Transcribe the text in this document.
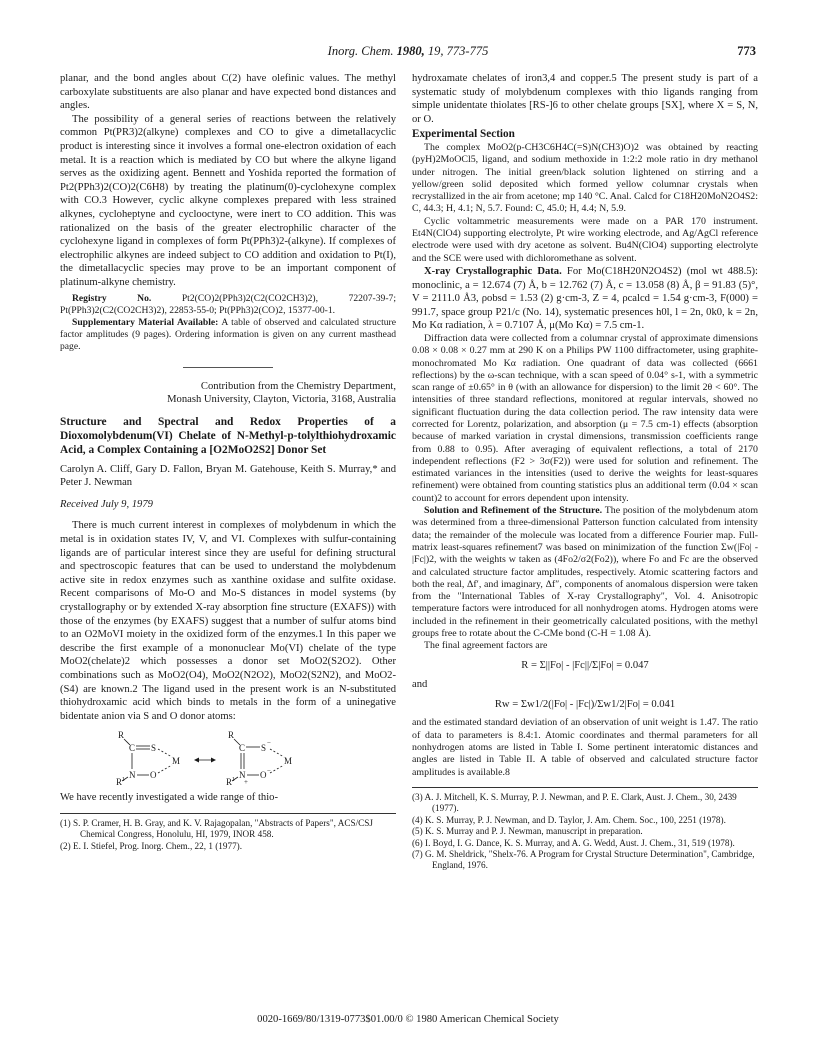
Inorg. Chem. 1980, 19, 773-775	773

planar, and the bond angles about C(2) have olefinic values. The methyl carboxylate substituents are also planar and have expected bond distances and angles.

The possibility of a general series of reactions between the relatively common Pt(PR3)2(alkyne) complexes and CO to give a dimetallacyclic product is interesting since it involves a formal one-electron oxidation of each metal. It is a reaction which is mediated by CO but where the alkyne ligand serves as the oxidizing agent. Bennett and Yoshida reported the formation of Pt2(PPh3)2(CO)2(C6H8) by treating the platinum(0)-cyclohexyne complex with CO.3 However, cyclic alkyne complexes prepared with less strained alkynes, cycloheptyne and cyclooctyne, were inert to CO addition. This was rationalized on the basis of the greater electrophilic character of the cyclohexyne ligand in complexes of form Pt(PPh3)2-(alkyne). If complexes of electrophilic alkynes are indeed subject to CO addition and oxidation to Pt(I), the dimetallacyclic species may prove to be an important component of platinum-alkyne chemistry.

Registry No.	Pt2(CO)2(PPh3)2(C2(CO2CH3)2), 72207-39-7; Pt(PPh3)2(C2(CO2CH3)2), 22853-55-0; Pt(PPh3)2(CO)2, 15377-00-1.

Supplementary Material Available: A table of observed and calculated structure factor amplitudes (9 pages). Ordering information is given on any current masthead page.

Contribution from the Chemistry Department,
Monash University, Clayton, Victoria, 3168, Australia

Structure and Spectral and Redox Properties of a Dioxomolybdenum(VI) Chelate of N-Methyl-p-tolylthiohydroxamic Acid, a Complex Containing a [O2MoO2S2] Donor Set

Carolyn A. Cliff, Gary D. Fallon, Bryan M. Gatehouse, Keith S. Murray,* and Peter J. Newman

Received July 9, 1979

There is much current interest in complexes of molybdenum in which the metal is in oxidation states IV, V, and VI. Complexes with sulfur-containing ligands are of particular interest since they are useful for defining structural and spectroscopic features that can be used to understand the molybdenum active site in redox enzymes such as xanthine oxidase and sulfite oxidase. Recent comparisons of Mo-O and Mo-S distances in model systems (by crystallography or by extended X-ray absorption fine structure (EXAFS)) with those of the enzymes (by EXAFS) suggest that a number of sulfur atoms bind to an O2MoVI moiety in the oxidized form of the enzymes.1 In this paper we describe the first example of a mononuclear Mo(VI) chelate of the type MoO2(chelate)2 which possesses a donor set MoO2(S2O2). Other combinations such as MoO2(O4), MoO2(N2O2), MoO2(S2N2), and MoO2-(S4) are known.2 The ligand used in the present work is an N-substituted thiohydroxamic acid which binds to metals in the form of a uninegative bidentate anion via S and O donor atoms:

R
C S
N O
M
R 1
R
C S −
N
+
O −
M
R 1

We have recently investigated a wide range of thio-

(1) S. P. Cramer, H. B. Gray, and K. V. Rajagopalan, "Abstracts of Papers", ACS/CSJ Chemical Congress, Honolulu, HI, 1979, INOR 458.

(2) E. I. Stiefel, Prog. Inorg. Chem., 22, 1 (1977).

hydroxamate chelates of iron3,4 and copper.5 The present study is part of a systematic study of molybdenum complexes with thio ligands ranging from simple unidentate thiolates [RS-]6 to other chelate groups [SX], where X = S, N, or O.

Experimental Section

The complex MoO2(p-CH3C6H4C(=S)N(CH3)O)2 was obtained by reacting (pyH)2MoOCl5, ligand, and sodium methoxide in 1:2:2 mole ratio in dry methanol under nitrogen. The initial green/black solution lightened on stirring and a yellow/green solid deposited which formed yellow columnar crystals when recrystallized in the air from acetone; mp 140 °C. Anal. Calcd for C18H20MoN2O4S2: C, 44.3; H, 4.1; N, 5.7. Found: C, 45.0; H, 4.4; N, 5.9.

Cyclic voltammetric measurements were made on a PAR 170 instrument. Et4N(ClO4) supporting electrolyte, Pt wire working electrode, and Ag/AgCl reference electrode were used with dry acetone as solvent. Bu4N(ClO4) supporting electrolyte and the SCE were used with dichloromethane as solvent.

X-ray Crystallographic Data. For Mo(C18H20N2O4S2) (mol wt 488.5): monoclinic, a = 12.674 (7) Å, b = 12.762 (7) Å, c = 13.058 (8) Å, β = 91.83 (5)°, V = 2111.0 Å3, ρobsd = 1.53 (2) g·cm-3, Z = 4, ρcalcd = 1.54 g·cm-3, F(000) = 991.7, space group P21/c (No. 14), systematic presences h0l, l = 2n, 0k0, k = 2n, Mo Kα radiation, λ = 0.7107 Å, μ(Mo Kα) = 7.5 cm-1.

Diffraction data were collected from a columnar crystal of approximate dimensions 0.08 × 0.08 × 0.27 mm at 290 K on a Philips PW 1100 diffractometer, using graphite-monochromated Mo Kα radiation. One quadrant of data was collected (6661 reflections) by the ω-scan technique, with a scan speed of 0.04° s-1, with a symmetric scan range of ±0.65° in θ (with an allowance for dispersion) to the limit 2θ < 60°. The intensities of three standard reflections, monitored at regular intervals, showed no significant fluctuation during the data collection period. The raw intensity data were corrected for Lorentz, polarization, and absorption (μ = 7.5 cm-1) effects (absorption because of marked variation in crystal dimensions, transmission coefficients range from 0.88 to 0.95). After averaging of equivalent reflections, a total of 2170 independent reflections (F2 > 3σ(F2)) were used for solution and refinement. The estimated variances in the intensities (used to derive the weights for least-squares refinement) were obtained from counting statistics plus an additional term (0.04 × scan count)2 to account for errors dependent upon intensity.

Solution and Refinement of the Structure. The position of the molybdenum atom was determined from a three-dimensional Patterson function calculated from intensity data; the remainder of the molecule was located from a difference Fourier map. Full-matrix least-squares refinement7 was based on minimization of the function Σw(|Fo| - |Fc|)2, with the weights w taken as (4Fo2/σ2(Fo2)), where Fo and Fc are the observed and calculated structure factor amplitudes, respectively. Atomic scattering factors and both the real, Δf′, and imaginary, Δf″, components of anomalous dispersion were taken from the "International Tables of X-ray Crystallography", Vol. 4. Anisotropic temperature factors were introduced for all nonhydrogen atoms. Hydrogen atoms were included in the refinement in their geometrically calculated positions, with the methyl groups free to rotate about the C-CMe bond (C-H = 1.08 Å).

The final agreement factors are

R = Σ||Fo| - |Fc||/Σ|Fo| = 0.047

and

Rw = Σw1/2(|Fo| - |Fc|)/Σw1/2|Fo| = 0.041

and the estimated standard deviation of an observation of unit weight is 1.47. The ratio of data to parameters is 8.4:1. Atomic coordinates and thermal parameters for all nonhydrogen atoms are listed in Table I. Some pertinent interatomic distances and angles are listed in Table II. A table of observed and calculated structure factor amplitudes is available.8

(3) A. J. Mitchell, K. S. Murray, P. J. Newman, and P. E. Clark, Aust. J. Chem., 30, 2439 (1977).

(4) K. S. Murray, P. J. Newman, and D. Taylor, J. Am. Chem. Soc., 100, 2251 (1978).

(5) K. S. Murray and P. J. Newman, manuscript in preparation.

(6) I. Boyd, I. G. Dance, K. S. Murray, and A. G. Wedd, Aust. J. Chem., 31, 519 (1978).

(7) G. M. Sheldrick, "Shelx-76. A Program for Crystal Structure Determination", Cambridge, England, 1976.

0020-1669/80/1319-0773$01.00/0 © 1980 American Chemical Society
